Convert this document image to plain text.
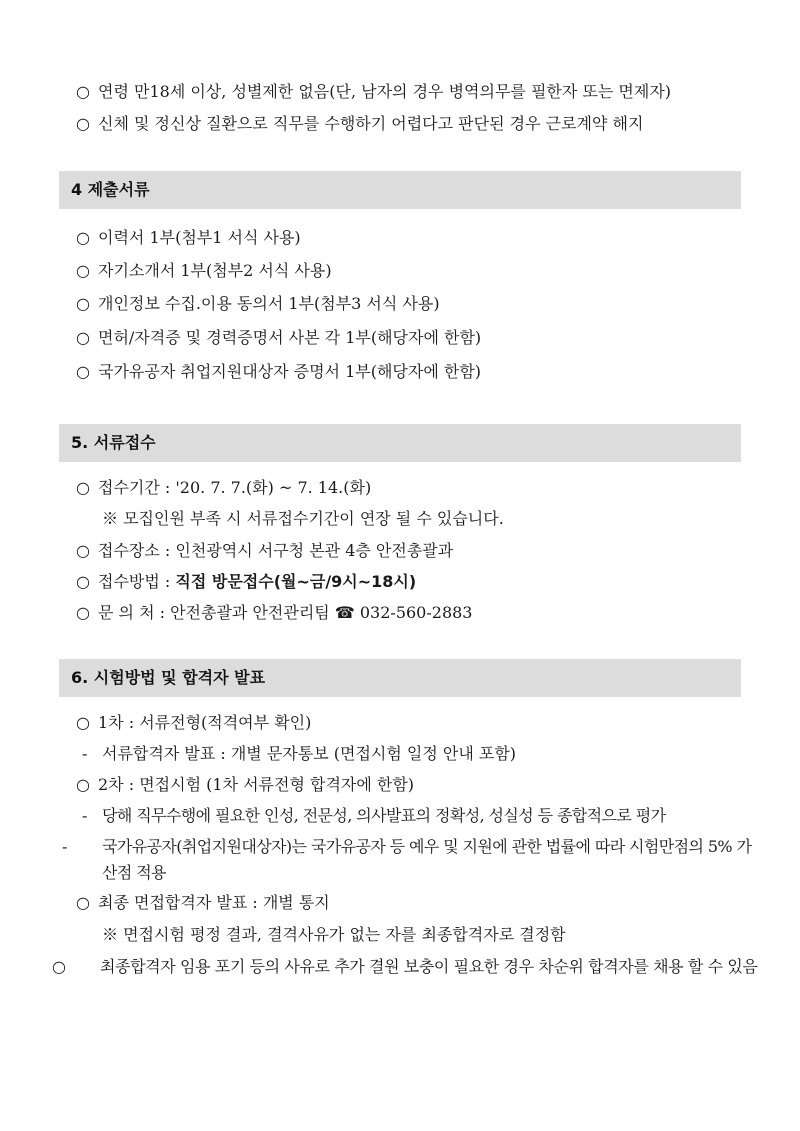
○ 연령 만18세 이상, 성별제한 없음(단, 남자의 경우 병역의무를 필한자 또는 면제자)
○ 신체 및 정신상 질환으로 직무를 수행하기 어렵다고 판단된 경우 근로계약 해지
4 제출서류
○ 이력서 1부(첨부1 서식 사용)
○ 자기소개서 1부(첨부2 서식 사용)
○ 개인정보 수집.이용 동의서 1부(첨부3 서식 사용)
○ 면허/자격증 및 경력증명서 사본 각 1부(해당자에 한함)
○ 국가유공자 취업지원대상자 증명서 1부(해당자에 한함)
5. 서류접수
○ 접수기간 : '20. 7. 7.(화) ~ 7. 14.(화)
※ 모집인원 부족 시 서류접수기간이 연장 될 수 있습니다.
○ 접수장소 : 인천광역시 서구청 본관 4층 안전총괄과
○ 접수방법 : 직접 방문접수(월~금/9시~18시)
○ 문 의 처 : 안전총괄과 안전관리팀 ☎ 032-560-2883
6. 시험방법 및 합격자 발표
○ 1차 : 서류전형(적격여부 확인)
- 서류합격자 발표 : 개별 문자통보 (면접시험 일정 안내 포함)
○ 2차 : 면접시험 (1차 서류전형 합격자에 한함)
- 당해 직무수행에 필요한 인성, 전문성, 의사발표의 정확성, 성실성 등 종합적으로 평가
- 국가유공자(취업지원대상자)는 국가유공자 등 예우 및 지원에 관한 법률에 따라 시험만점의 5% 가산점 적용
○ 최종 면접합격자 발표 : 개별 통지
※ 면접시험 평정 결과, 결격사유가 없는 자를 최종합격자로 결정함
○ 최종합격자 임용 포기 등의 사유로 추가 결원 보충이 필요한 경우 차순위 합격자를 채용 할 수 있음
